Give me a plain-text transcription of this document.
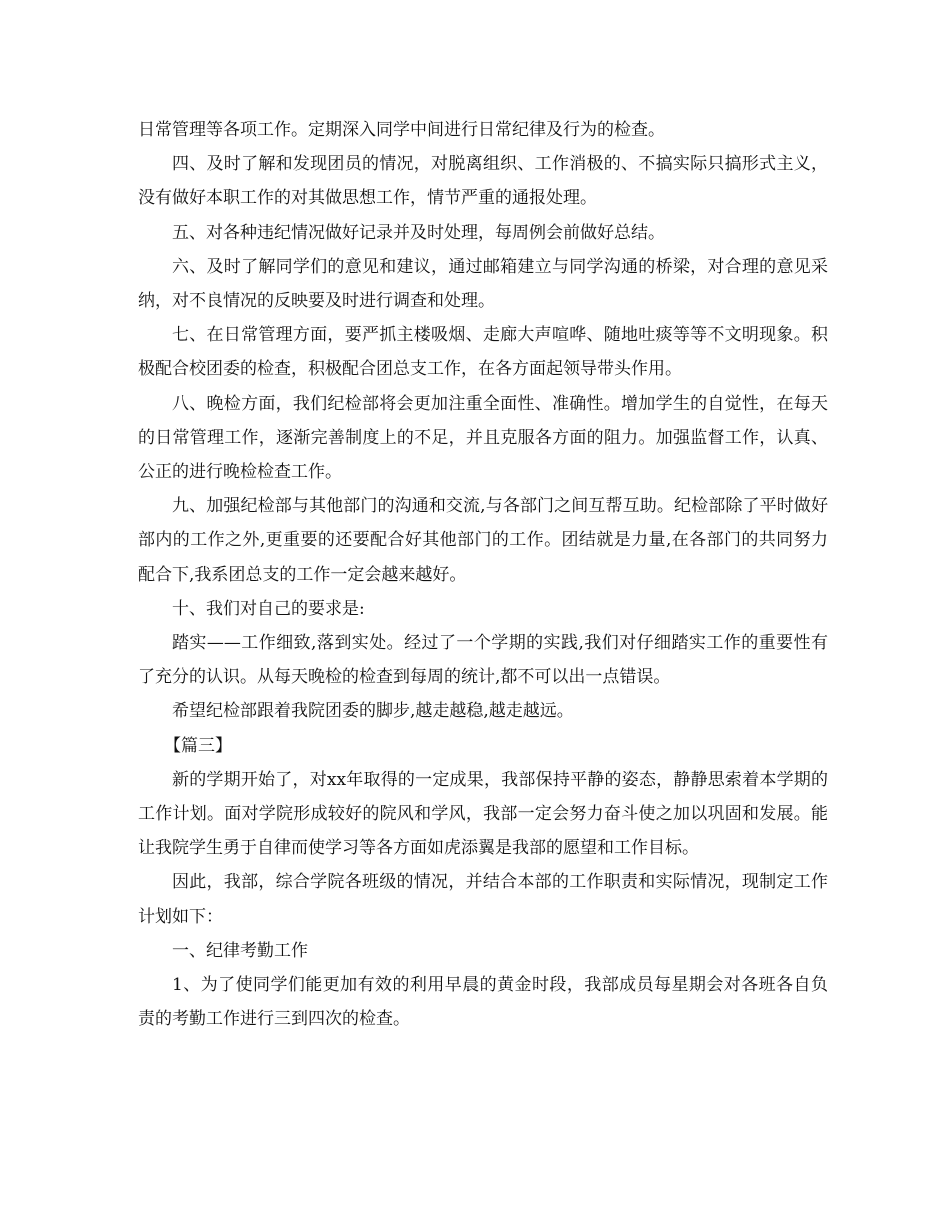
日常管理等各项工作。定期深入同学中间进行日常纪律及行为的检查。

四、及时了解和发现团员的情况，对脱离组织、工作消极的、不搞实际只搞形式主义，没有做好本职工作的对其做思想工作，情节严重的通报处理。

五、对各种违纪情况做好记录并及时处理，每周例会前做好总结。

六、及时了解同学们的意见和建议，通过邮箱建立与同学沟通的桥梁，对合理的意见采纳，对不良情况的反映要及时进行调查和处理。

七、在日常管理方面，要严抓主楼吸烟、走廊大声喧哗、随地吐痰等等不文明现象。积极配合校团委的检查，积极配合团总支工作，在各方面起领导带头作用。

八、晚检方面，我们纪检部将会更加注重全面性、准确性。增加学生的自觉性，在每天的日常管理工作，逐渐完善制度上的不足，并且克服各方面的阻力。加强监督工作，认真、公正的进行晚检检查工作。

九、加强纪检部与其他部门的沟通和交流,与各部门之间互帮互助。纪检部除了平时做好部内的工作之外,更重要的还要配合好其他部门的工作。团结就是力量,在各部门的共同努力配合下,我系团总支的工作一定会越来越好。

十、我们对自己的要求是:

踏实——工作细致,落到实处。经过了一个学期的实践,我们对仔细踏实工作的重要性有了充分的认识。从每天晚检的检查到每周的统计,都不可以出一点错误。

希望纪检部跟着我院团委的脚步,越走越稳,越走越远。

【篇三】

新的学期开始了，对xx年取得的一定成果，我部保持平静的姿态，静静思索着本学期的工作计划。面对学院形成较好的院风和学风，我部一定会努力奋斗使之加以巩固和发展。能让我院学生勇于自律而使学习等各方面如虎添翼是我部的愿望和工作目标。

因此，我部，综合学院各班级的情况，并结合本部的工作职责和实际情况，现制定工作计划如下：

一、纪律考勤工作

1、为了使同学们能更加有效的利用早晨的黄金时段，我部成员每星期会对各班各自负责的考勤工作进行三到四次的检查。
